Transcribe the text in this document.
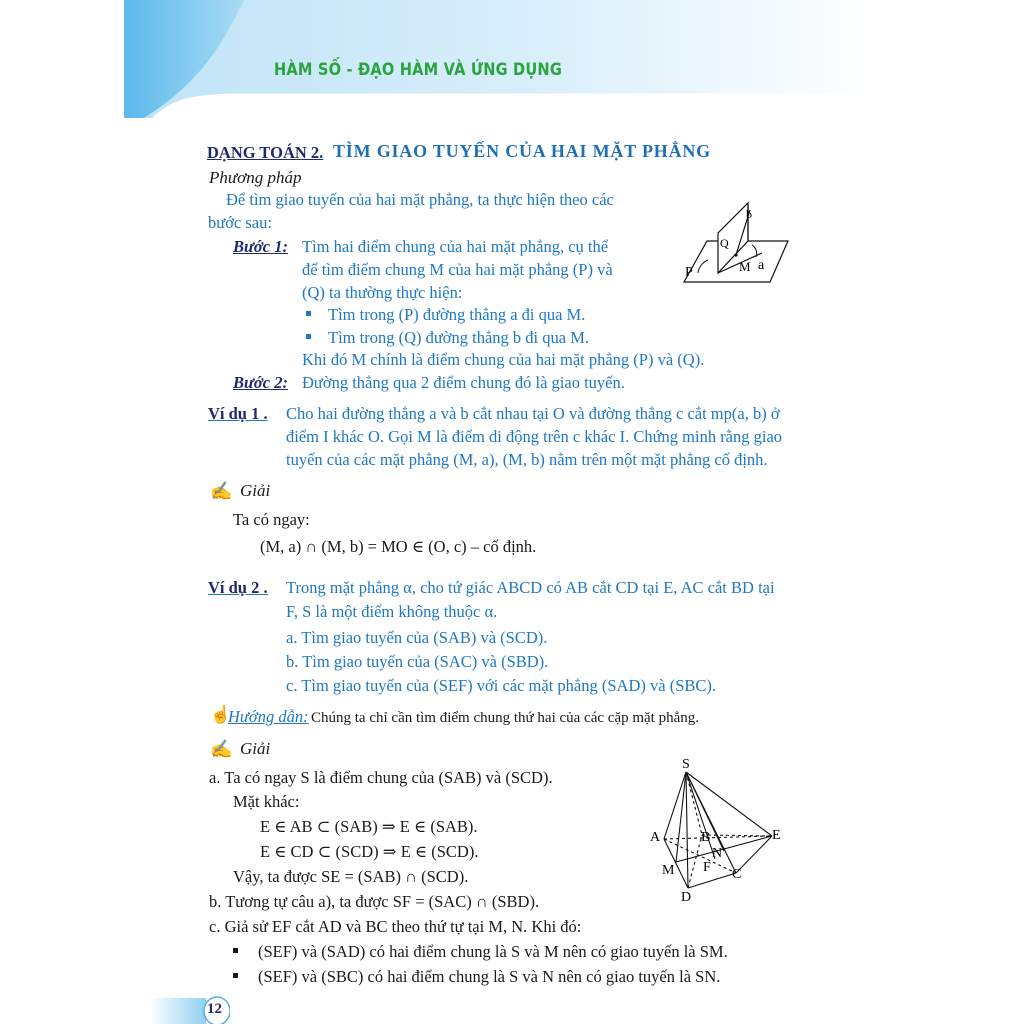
HÀM SỐ - ĐẠO HÀM VÀ ỨNG DỤNG
DẠNG TOÁN 2. TÌM GIAO TUYẾN CỦA HAI MẶT PHẲNG
Phương pháp
Để tìm giao tuyến của hai mặt phẳng, ta thực hiện theo các
bước sau:
Bước 1: Tìm hai điểm chung của hai mặt phẳng, cụ thể
để tìm điểm chung M của hai mặt phẳng (P) và
(Q) ta thường thực hiện:
Tìm trong (P) đường thẳng a đi qua M.
Tìm trong (Q) đường thẳng b đi qua M.
Khi đó M chính là điểm chung của hai mặt phẳng (P) và (Q).
Bước 2: Đường thẳng qua 2 điểm chung đó là giao tuyến.
P
Q
M a
b
Ví dụ 1 . Cho hai đường thẳng a và b cắt nhau tại O và đường thẳng c cắt mp(a, b) ở
điểm I khác O. Gọi M là điểm di động trên c khác I. Chứng minh rằng giao
tuyến của các mặt phẳng (M, a), (M, b) nằm trên một mặt phẳng cố định.
✍ Giải
Ta có ngay:
(M, a) ∩ (M, b) = MO ∈ (O, c) – cố định.
Ví dụ 2 . Trong mặt phẳng α, cho tứ giác ABCD có AB cắt CD tại E, AC cắt BD tại
F, S là một điểm không thuộc α.
a. Tìm giao tuyến của (SAB) và (SCD).
b. Tìm giao tuyến của (SAC) và (SBD).
c. Tìm giao tuyến của (SEF) với các mặt phẳng (SAD) và (SBC).
☝
Hướng dẫn: Chúng ta chỉ cần tìm điểm chung thứ hai của các cặp mặt phẳng.
✍ Giải
a. Ta có ngay S là điểm chung của (SAB) và (SCD).
Mặt khác:
E ∈ AB ⊂ (SAB) ⇒ E ∈ (SAB).
E ∈ CD ⊂ (SCD) ⇒ E ∈ (SCD).
Vậy, ta được SE = (SAB) ∩ (SCD).
b. Tương tự câu a), ta được SF = (SAC) ∩ (SBD).
c. Giả sử EF cắt AD và BC theo thứ tự tại M, N. Khi đó:
(SEF) và (SAD) có hai điểm chung là S và M nên có giao tuyến là SM.
(SEF) và (SBC) có hai điểm chung là S và N nên có giao tuyến là SN.
S
A	B
N
E
M F C
D
12
